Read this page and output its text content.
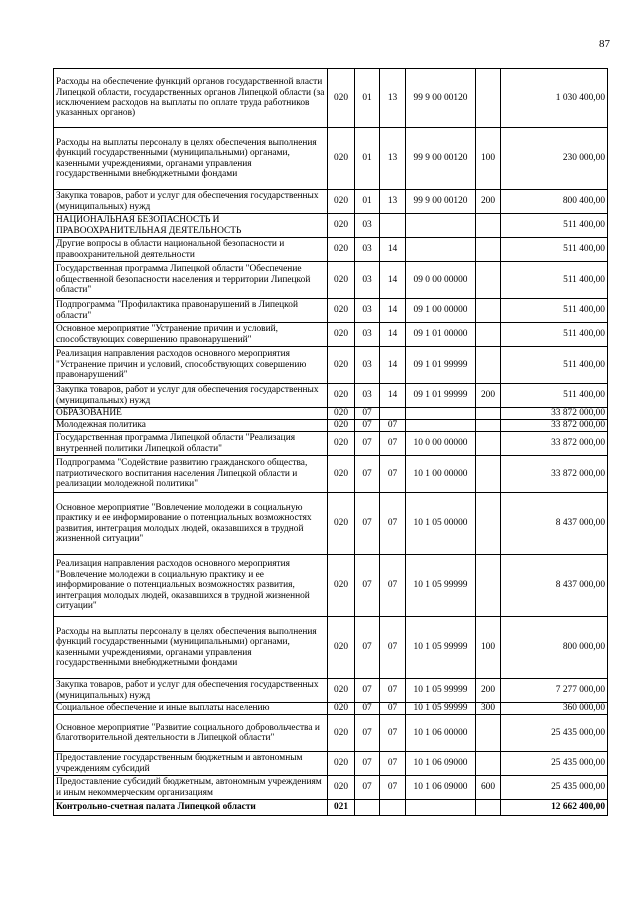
87
Расходы на обеспечение функций органов государственной власти Липецкой области, государственных органов Липецкой области (за исключением расходов на выплаты по оплате труда работников указанных органов)	020	01	13	99 9 00 00120		1 030 400,00
Расходы на выплаты персоналу в целях обеспечения выполнения функций государственными (муниципальными) органами, казенными учреждениями, органами управления государственными внебюджетными фондами	020	01	13	99 9 00 00120	100	230 000,00
Закупка товаров, работ и услуг для обеспечения государственных (муниципальных) нужд	020	01	13	99 9 00 00120	200	800 400,00
НАЦИОНАЛЬНАЯ БЕЗОПАСНОСТЬ И ПРАВООХРАНИТЕЛЬНАЯ ДЕЯТЕЛЬНОСТЬ	020	03				511 400,00
Другие вопросы в области национальной безопасности и правоохранительной деятельности	020	03	14			511 400,00
Государственная программа Липецкой области "Обеспечение общественной безопасности населения и территории Липецкой области"	020	03	14	09 0 00 00000		511 400,00
Подпрограмма "Профилактика правонарушений в Липецкой области"	020	03	14	09 1 00 00000		511 400,00
Основное мероприятие "Устранение причин и условий, способствующих совершению правонарушений"	020	03	14	09 1 01 00000		511 400,00
Реализация направления расходов основного мероприятия "Устранение причин и условий, способствующих совершению правонарушений"	020	03	14	09 1 01 99999		511 400,00
Закупка товаров, работ и услуг для обеспечения государственных (муниципальных) нужд	020	03	14	09 1 01 99999	200	511 400,00
ОБРАЗОВАНИЕ	020	07				33 872 000,00
Молодежная политика	020	07	07			33 872 000,00
Государственная программа Липецкой области "Реализация внутренней политики Липецкой области"	020	07	07	10 0 00 00000		33 872 000,00
Подпрограмма "Содействие развитию гражданского общества, патриотического воспитания населения Липецкой области и реализации молодежной политики"	020	07	07	10 1 00 00000		33 872 000,00
Основное мероприятие "Вовлечение молодежи в социальную практику и ее информирование о потенциальных возможностях развития, интеграция молодых людей, оказавшихся в трудной жизненной ситуации"	020	07	07	10 1 05 00000		8 437 000,00
Реализация направления расходов основного мероприятия "Вовлечение молодежи в социальную практику и ее информирование о потенциальных возможностях развития, интеграция молодых людей, оказавшихся в трудной жизненной ситуации"	020	07	07	10 1 05 99999		8 437 000,00
Расходы на выплаты персоналу в целях обеспечения выполнения функций государственными (муниципальными) органами, казенными учреждениями, органами управления государственными внебюджетными фондами	020	07	07	10 1 05 99999	100	800 000,00
Закупка товаров, работ и услуг для обеспечения государственных (муниципальных) нужд	020	07	07	10 1 05 99999	200	7 277 000,00
Социальное обеспечение и иные выплаты населению	020	07	07	10 1 05 99999	300	360 000,00
Основное мероприятие "Развитие социального добровольчества и благотворительной деятельности в Липецкой области"	020	07	07	10 1 06 00000		25 435 000,00
Предоставление государственным бюджетным и автономным учреждениям субсидий	020	07	07	10 1 06 09000		25 435 000,00
Предоставление субсидий бюджетным, автономным учреждениям и иным некоммерческим организациям	020	07	07	10 1 06 09000	600	25 435 000,00
Контрольно-счетная палата Липецкой области	021					12 662 400,00
